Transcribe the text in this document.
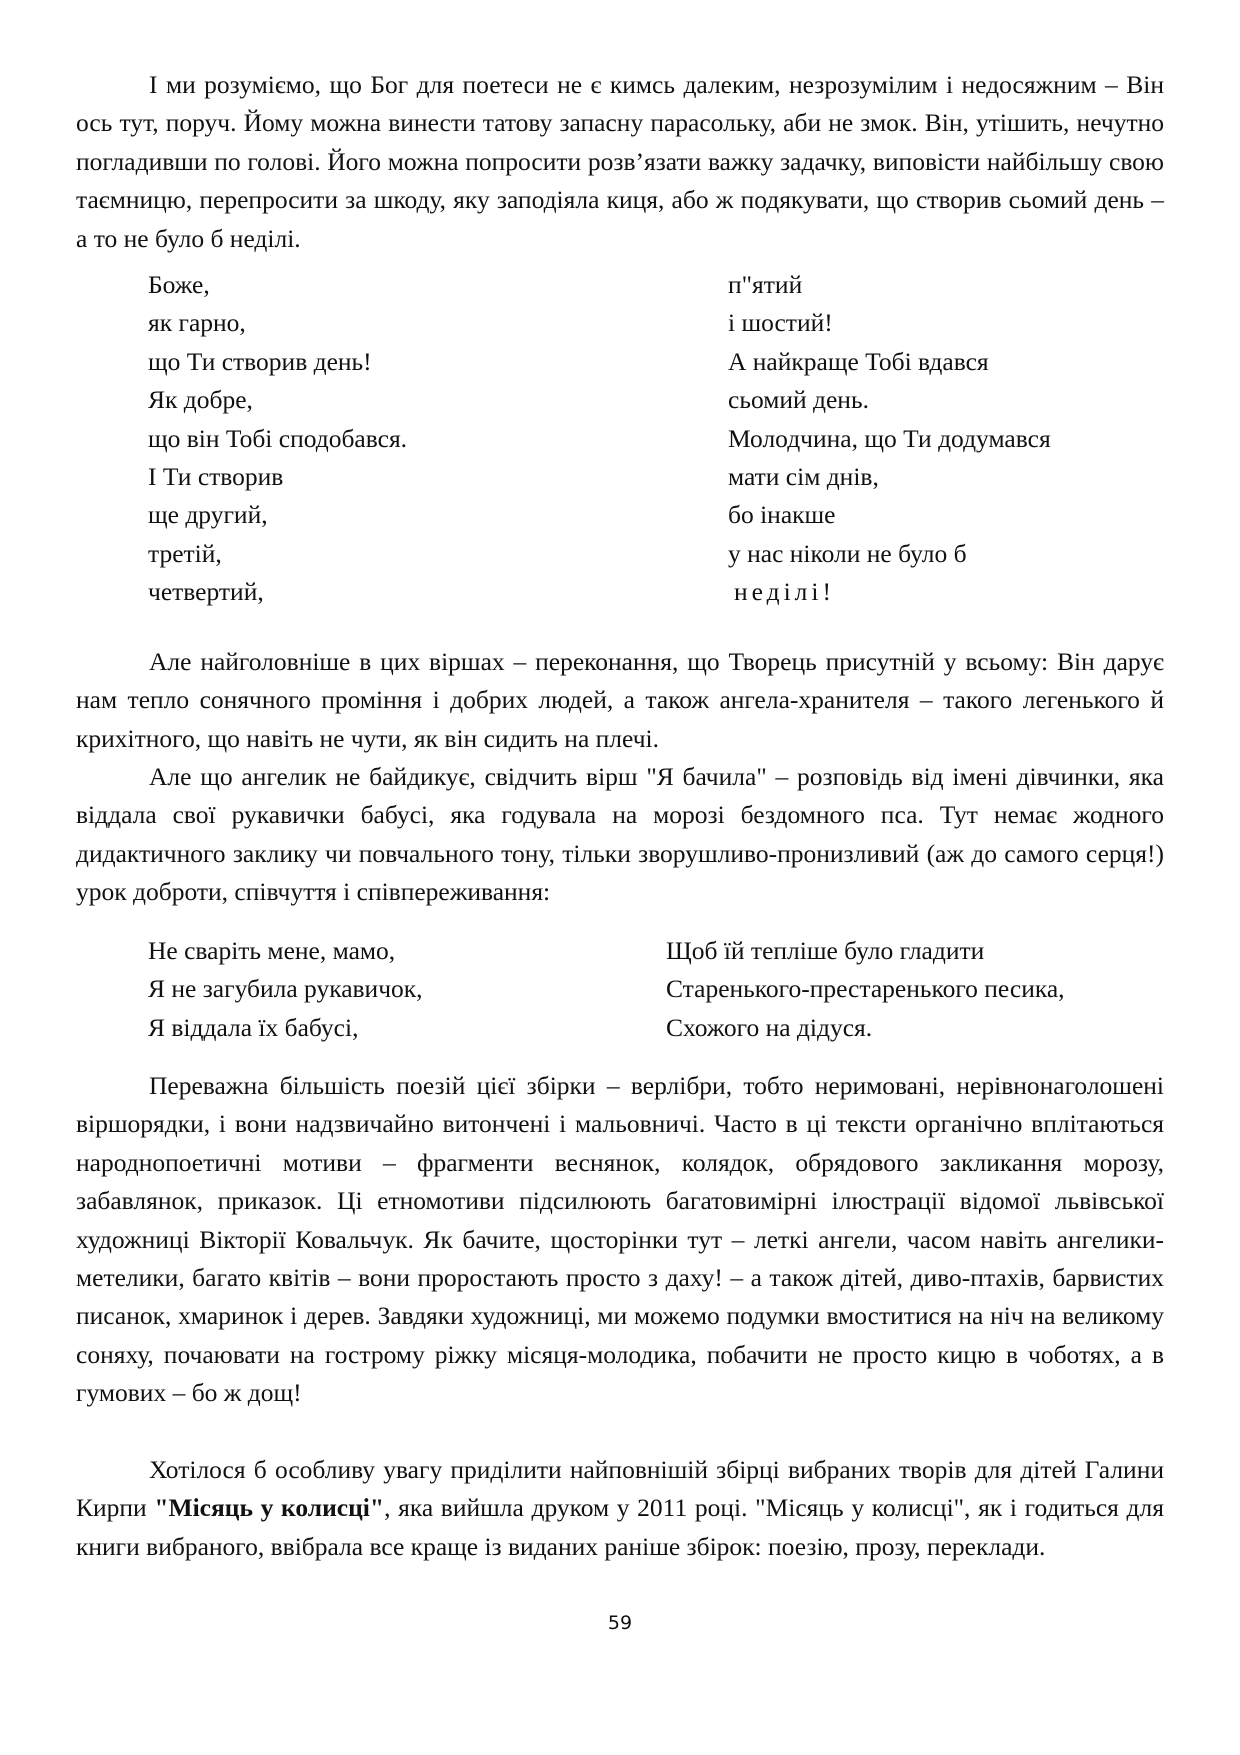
І ми розуміємо, що Бог для поетеси не є кимсь далеким, незрозумілим і недосяжним – Він ось тут, поруч. Йому можна винести татову запасну парасольку, аби не змок. Він, утішить, нечутно погладивши по голові. Його можна попросити розв’язати важку задачку, виповісти найбільшу свою таємницю, перепросити за шкоду, яку заподіяла киця, або ж подякувати, що створив сьомий день – а то не було б неділі.

Боже,
як гарно,
що Ти створив день!
Як добре,
що він Тобі сподобався.
І Ти створив
ще другий,
третій,
четвертий,
п"ятий
і шостий!
А найкраще Тобі вдався
сьомий день.
Молодчина, що Ти додумався
мати сім днів,
бо інакше
у нас ніколи не було б
неділі!

Але найголовніше в цих віршах – переконання, що Творець присутній у всьому: Він дарує нам тепло сонячного проміння і добрих людей, а також ангела-хранителя – такого легенького й крихітного, що навіть не чути, як він сидить на плечі.

Але що ангелик не байдикує, свідчить вірш "Я бачила" – розповідь від імені дівчинки, яка віддала свої рукавички бабусі, яка годувала на морозі бездомного пса. Тут немає жодного дидактичного заклику чи повчального тону, тільки зворушливо-пронизливий (аж до самого серця!) урок доброти, співчуття і співпереживання:

Не сваріть мене, мамо,
Я не загубила рукавичок,
Я віддала їх бабусі,
Щоб їй тепліше було гладити
Старенького-престаренького песика,
Схожого на дідуся.

Переважна більшість поезій цієї збірки – верлібри, тобто неримовані, нерівнонаголошені віршорядки, і вони надзвичайно витончені і мальовничі. Часто в ці тексти органічно вплітаються народнопоетичні мотиви – фрагменти веснянок, колядок, обрядового закликання морозу, забавлянок, приказок. Ці етномотиви підсилюють багатовимірні ілюстрації відомої львівської художниці Вікторії Ковальчук. Як бачите, щосторінки тут – леткі ангели, часом навіть ангелики-метелики, багато квітів – вони проростають просто з даху! – а також дітей, диво-птахів, барвистих писанок, хмаринок і дерев. Завдяки художниці, ми можемо подумки вмоститися на ніч на великому соняху, почаювати на гострому ріжку місяця-молодика, побачити не просто кицю в чоботях, а в гумових – бо ж дощ!

Хотілося б особливу увагу приділити найповнішій збірці вибраних творів для дітей Галини Кирпи "Місяць у колисці", яка вийшла друком у 2011 році. "Місяць у колисці", як і годиться для книги вибраного, ввібрала все краще із виданих раніше збірок: поезію, прозу, переклади.

59
